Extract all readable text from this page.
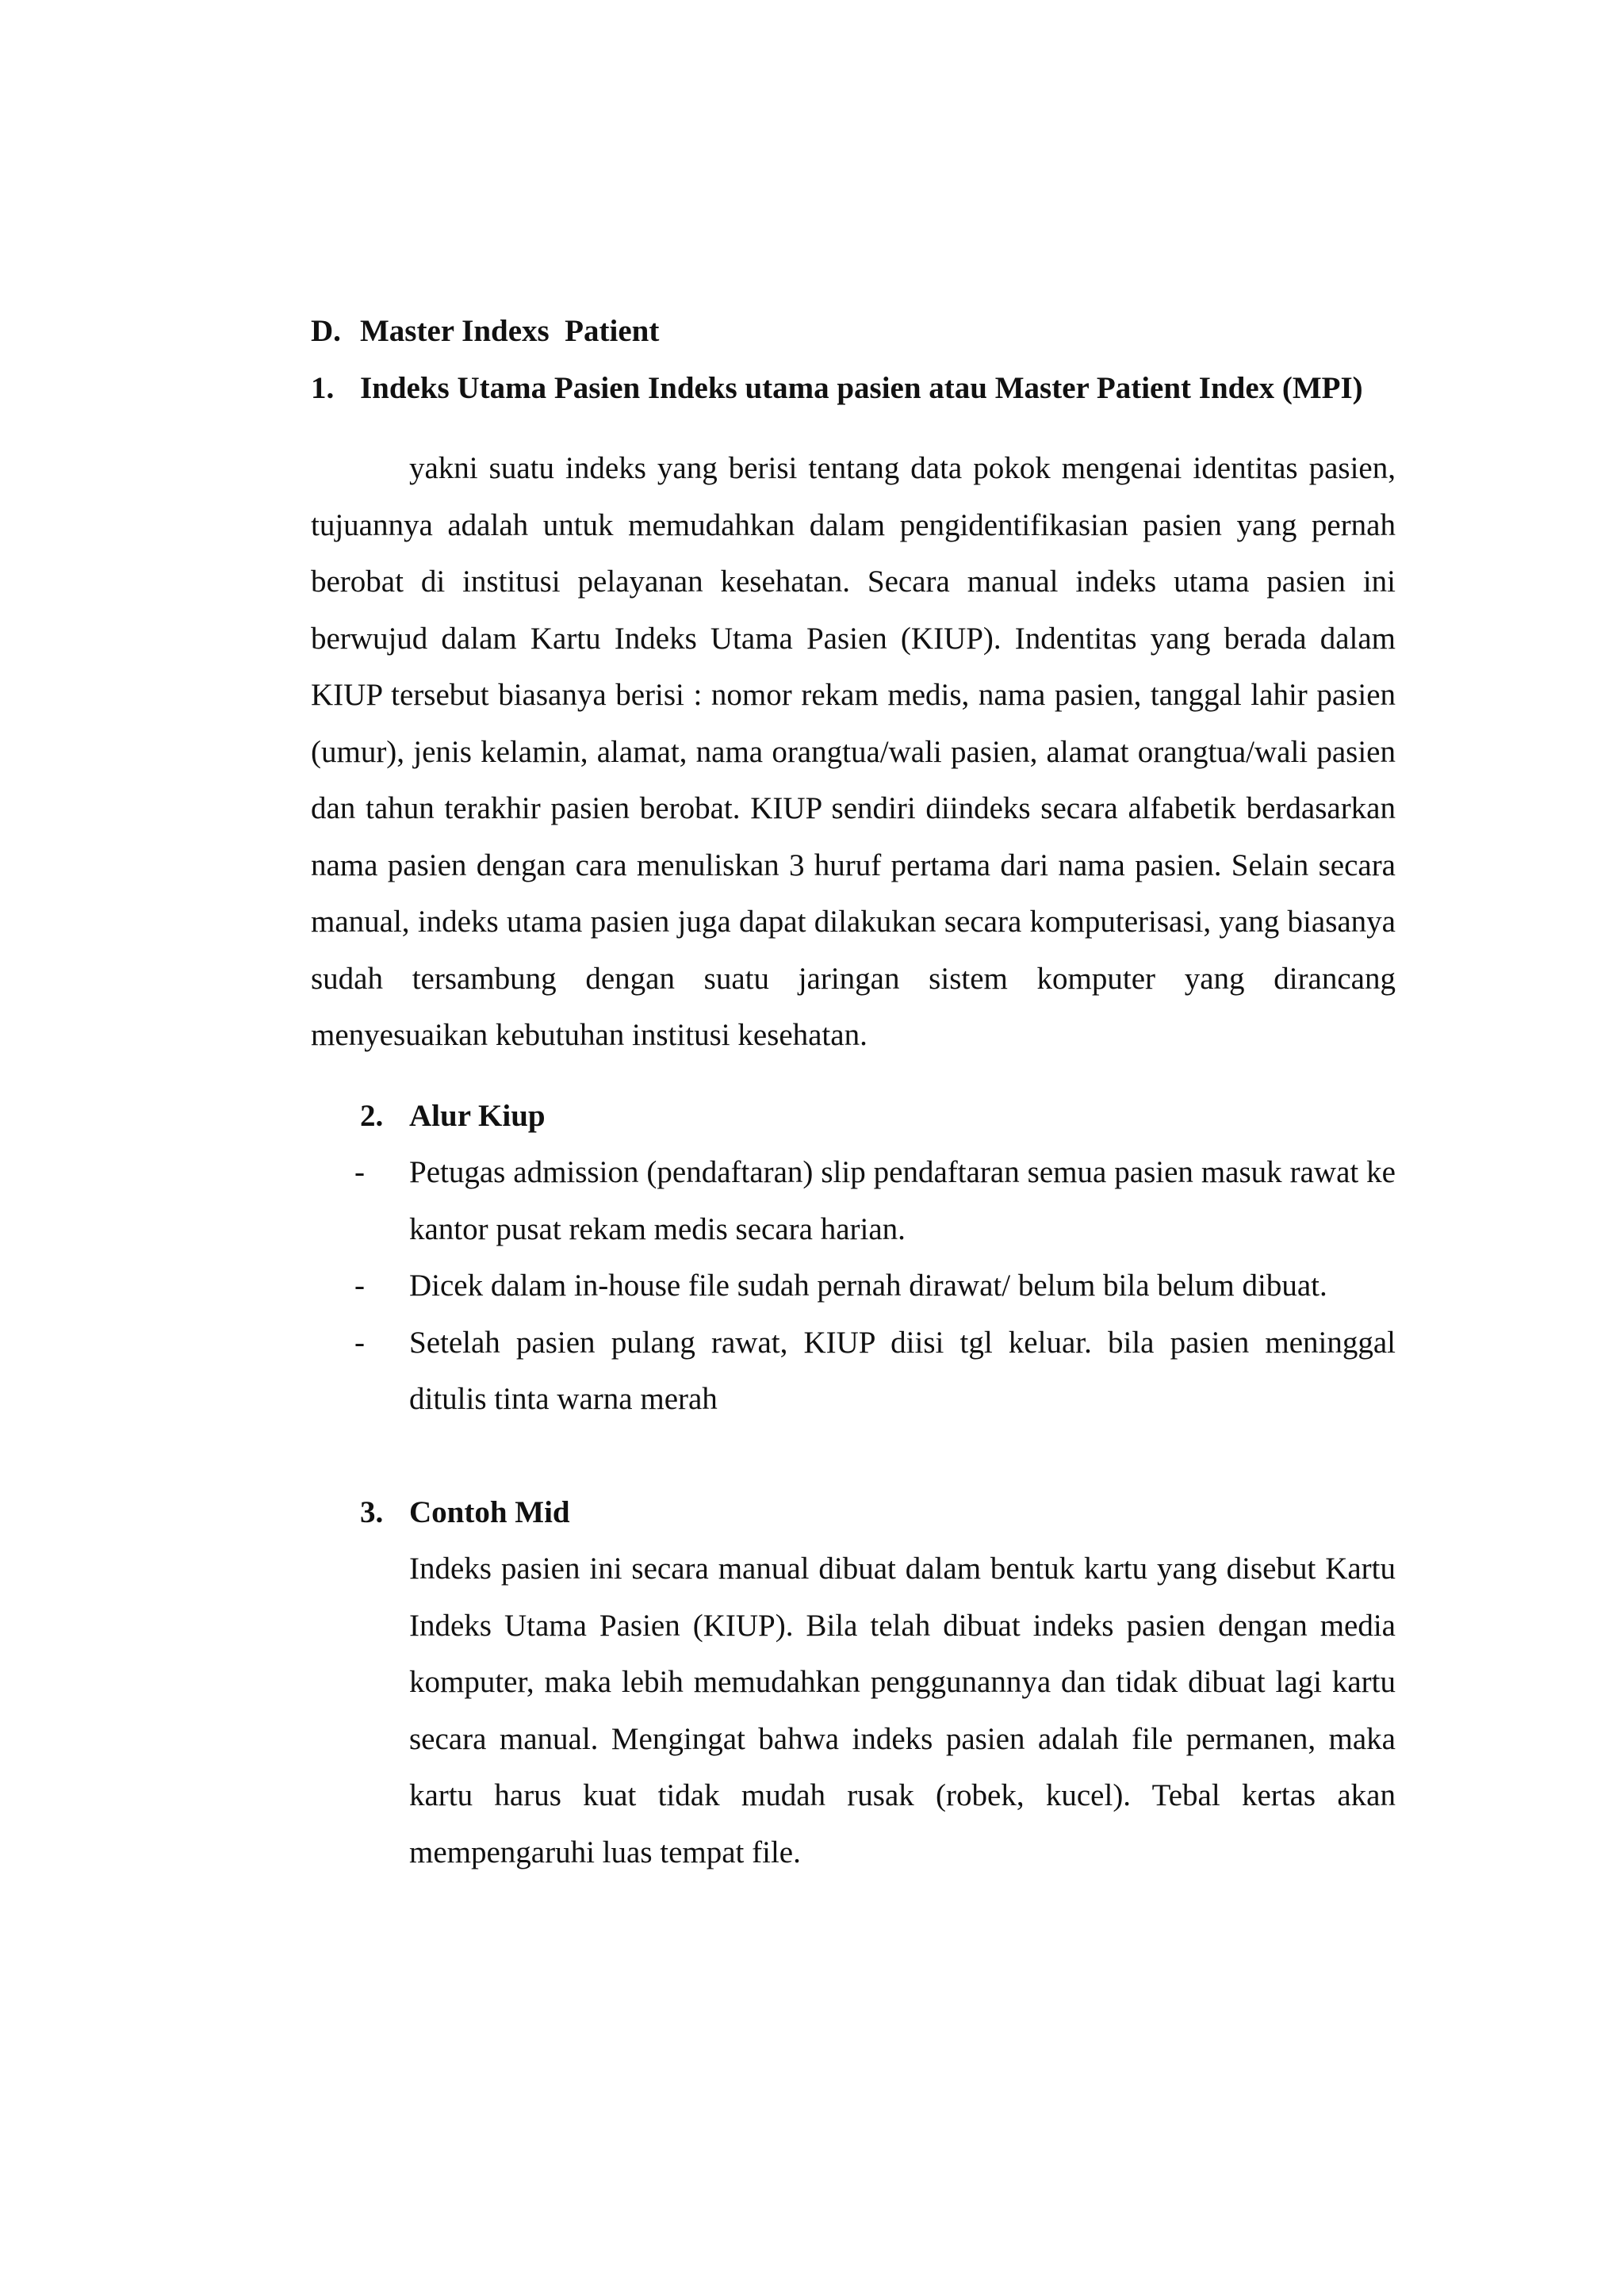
D. Master Indexs  Patient
1. Indeks Utama Pasien Indeks utama pasien atau Master Patient Index (MPI)

yakni suatu indeks yang berisi tentang data pokok mengenai identitas pasien, tujuannya adalah untuk memudahkan dalam pengidentifikasian pasien yang pernah berobat di institusi pelayanan kesehatan. Secara manual indeks utama pasien ini berwujud dalam Kartu Indeks Utama Pasien (KIUP). Indentitas yang berada dalam KIUP tersebut biasanya berisi : nomor rekam medis, nama pasien, tanggal lahir pasien (umur), jenis kelamin, alamat, nama orangtua/wali pasien, alamat orangtua/wali pasien dan tahun terakhir pasien berobat. KIUP sendiri diindeks secara alfabetik berdasarkan nama pasien dengan cara menuliskan 3 huruf pertama dari nama pasien. Selain secara manual, indeks utama pasien juga dapat dilakukan secara komputerisasi, yang biasanya sudah tersambung dengan suatu jaringan sistem komputer yang dirancang menyesuaikan kebutuhan institusi kesehatan.

2. Alur Kiup
-	Petugas admission (pendaftaran) slip pendaftaran semua pasien masuk rawat ke kantor pusat rekam medis secara harian.
-	Dicek dalam in-house file sudah pernah dirawat/ belum bila belum dibuat.
-	Setelah pasien pulang rawat, KIUP diisi tgl keluar. bila pasien meninggal ditulis tinta warna merah
3. Contoh Mid

Indeks pasien ini secara manual dibuat dalam bentuk kartu yang disebut Kartu Indeks Utama Pasien (KIUP). Bila telah dibuat indeks pasien dengan media komputer, maka lebih memudahkan penggunannya dan tidak dibuat lagi kartu secara manual. Mengingat bahwa indeks pasien adalah file permanen, maka kartu harus kuat tidak mudah rusak (robek, kucel). Tebal kertas akan mempengaruhi luas tempat file.
